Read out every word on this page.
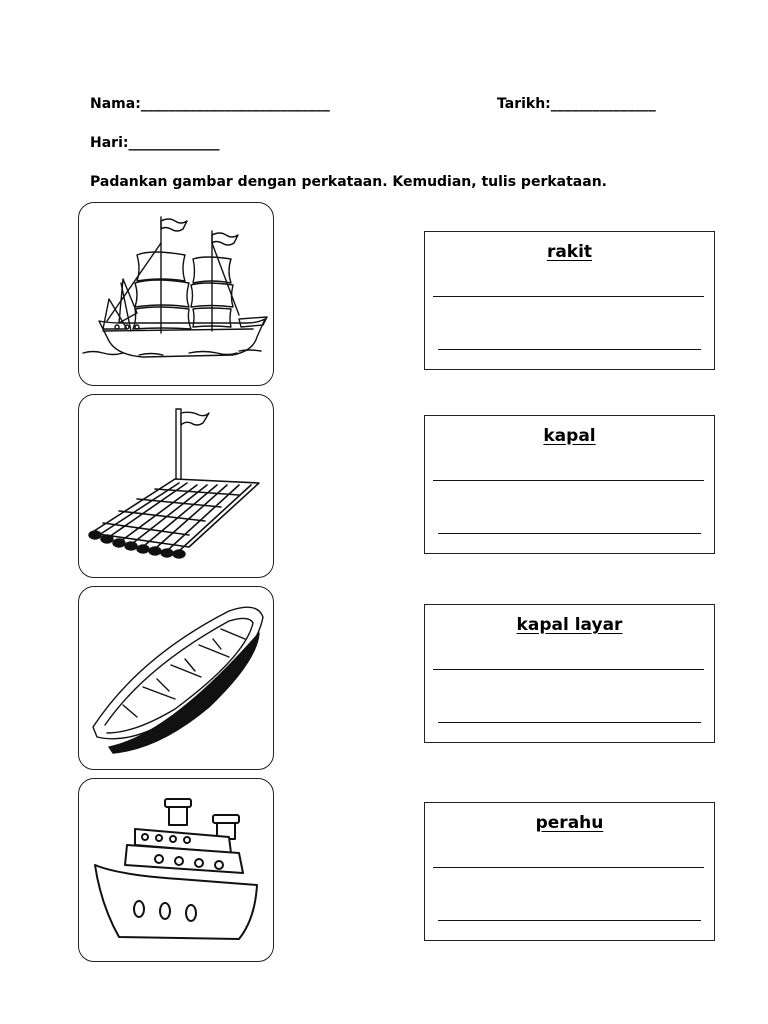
Nama:___________________________	Tarikh:_______________
Hari:_____________
Padankan gambar dengan perkataan. Kemudian, tulis perkataan.
rakit
kapal
kapal layar
perahu
